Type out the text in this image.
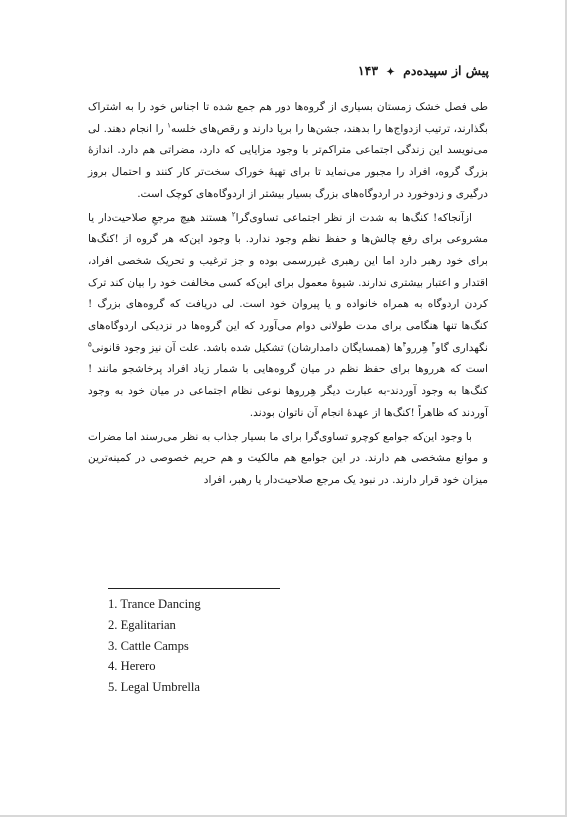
پیش از سپیده‌دم ✦ ۱۴۳

طی فصل خشک زمستان بسیاری از گروه‌ها دور هم جمع شده تا اجناس خود را به اشتراک بگذارند، ترتیب ازدواج‌ها را بدهند، جشن‌ها را برپا دارند و رقص‌های خلسه$^۱$ را انجام دهند. لی می‌نویسد این زندگی اجتماعی متراکم‌تر با وجود مزایایی که دارد، مضراتی هم دارد. اندازۀ بزرگ گروه، افراد را مجبور می‌نماید تا برای تهیۀ خوراک سخت‌تر کار کنند و احتمال بروز درگیری و زدوخورد در اردوگاه‌های بزرگ بسیار بیشتر از اردوگاه‌های کوچک است.

ازآنجاکه! کنگ‌ها به شدت از نظر اجتماعی تساوی‌گرا$^۲$ هستند هیچ مرجعِ صلاحیت‌دار یا مشروعی برای رفع چالش‌ها و حفظ نظم وجود ندارد. با وجود این‌که هر گروه از !کنگ‌ها برای خود رهبر دارد اما این رهبری غیررسمی بوده و جز ترغیب و تحریک شخصی افراد، اقتدار و اعتبار بیشتری ندارند. شیوۀ معمول برای این‌که کسی مخالفت خود را بیان کند ترک کردن اردوگاه به همراه خانواده و یا پیروان خود است. لی دریافت که گروه‌های بزرگ !کنگ‌ها تنها هنگامی برای مدت طولانی دوام می‌آورد که این گروه‌ها در نزدیکی اردوگاه‌های نگهداری گاو$^۳$ هِررو$^۴$ها (همسایگان دامدارشان) تشکیل شده باشد. علت آن نیز وجود قانونی$^۵$ است که هرروها برای حفظ نظم در میان گروه‌هایی با شمار زیاد افراد پرخاشجو مانند !کنگ‌ها به وجود آوردند-به عبارت دیگر هِرروها نوعی نظام اجتماعی در میان خود به وجود آوردند که ظاهراً !کنگ‌ها از عهدۀ انجام آن ناتوان بودند.

با وجود این‌که جوامع کوچرو تساوی‌گرا برای ما بسیار جذاب به نظر می‌رسند اما مضرات و موانع مشخصی هم دارند. در این جوامع هم مالکیت و هم حریم خصوصی در کمینه‌ترین میزان خود قرار دارند. در نبود یک مرجع صلاحیت‌دار یا رهبر، افراد

1. Trance Dancing
2. Egalitarian
3. Cattle Camps
4. Herero
5. Legal Umbrella
